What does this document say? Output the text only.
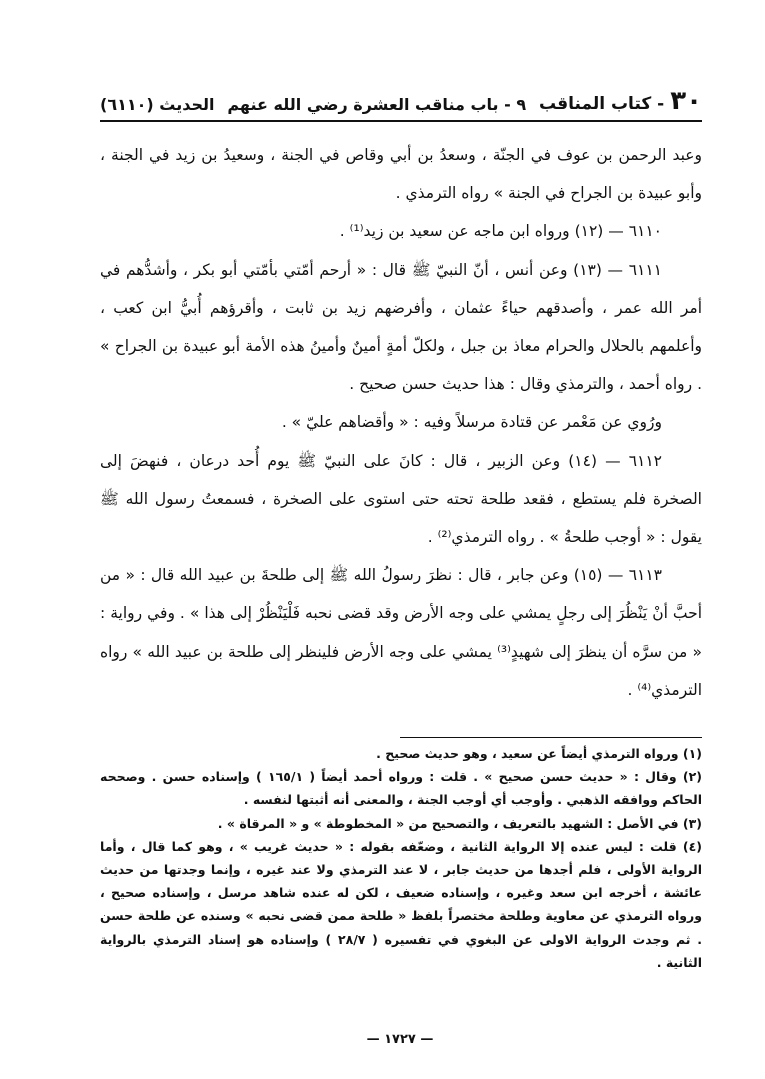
٣٠
- كتاب المناقب
٩ - باب مناقب العشرة رضي الله عنهم
الحديث (٦١١٠)

وعبد الرحمن بن عوف في الجنّة ، وسعدُ بن أبي وقاص في الجنة ، وسعيدُ بن زيد في الجنة ، وأبو عبيدة بن الجراح في الجنة » رواه الترمذي .

٦١١٠ — (١٢) ورواه ابن ماجه عن سعيد بن زيد⁽¹⁾ .

٦١١١ — (١٣) وعن أنس ، أنّ النبيّ ﷺ قال : « أرحم أمّتي بأمّتي أبو بكر ، وأشدُّهم في أمر الله عمر ، وأصدقهم حياءً عثمان ، وأفرضهم زيد بن ثابت ، وأقرؤهم أُبيُّ ابن كعب ، وأعلمهم بالحلال والحرام معاذ بن جبل ، ولكلّ أمةٍ أمينٌ وأمينُ هذه الأمة أبو عبيدة بن الجراح » . رواه أحمد ، والترمذي وقال : هذا حديث حسن صحيح .

ورُوي عن مَعْمر عن قتادة مرسلاً وفيه : « وأقضاهم عليّ » .

٦١١٢ — (١٤) وعن الزبير ، قال : كانَ على النبيّ ﷺ يوم أُحد درعان ، فنهضَ إلى الصخرة فلم يستطع ، فقعد طلحة تحته حتى استوى على الصخرة ، فسمعتُ رسول الله ﷺ يقول : « أوجب طلحةُ » . رواه الترمذي⁽²⁾ .

٦١١٣ — (١٥) وعن جابر ، قال : نظرَ رسولُ الله ﷺ إلى طلحةَ بن عبيد الله قال : « من أحبَّ أنْ يَنْظُرَ إلى رجلٍ يمشي على وجه الأرض وقد قضى نحبه فَلْيَنْظُرْ إلى هذا » . وفي رواية : « من سرَّه أن ينظرَ إلى شهيدٍ⁽³⁾ يمشي على وجه الأرض فلينظر إلى طلحة بن عبيد الله » رواه الترمذي⁽⁴⁾ .

(١) ورواه الترمذي أيضاً عن سعيد ، وهو حديث صحيح .

(٢) وقال : « حديث حسن صحيح » . قلت : ورواه أحمد أيضاً ( ١٦٥/١ ) وإسناده حسن . وصححه الحاكم ووافقه الذهبي . وأوجب أي أوجب الجنة ، والمعنى أنه أثبتها لنفسه .

(٣) في الأصل : الشهيد بالتعريف ، والتصحيح من « المخطوطة » و « المرقاة » .

(٤) قلت : ليس عنده إلا الرواية الثانية ، وضعّفه بقوله : « حديث غريب » ، وهو كما قال ، وأما الرواية الأولى ، فلم أجدها من حديث جابر ، لا عند الترمذي ولا عند غيره ، وإنما وجدتها من حديث عائشة ، أخرجه ابن سعد وغيره ، وإسناده ضعيف ، لكن له عنده شاهد مرسل ، وإسناده صحيح ، ورواه الترمذي عن معاوية وطلحة مختصراً بلفظ « طلحة ممن قضى نحبه » وسنده عن طلحة حسن . ثم وجدت الرواية الاولى عن البغوي في تفسيره ( ٢٨/٧ ) وإسناده هو إسناد الترمذي بالرواية الثانية .

— ١٧٢٧ —
